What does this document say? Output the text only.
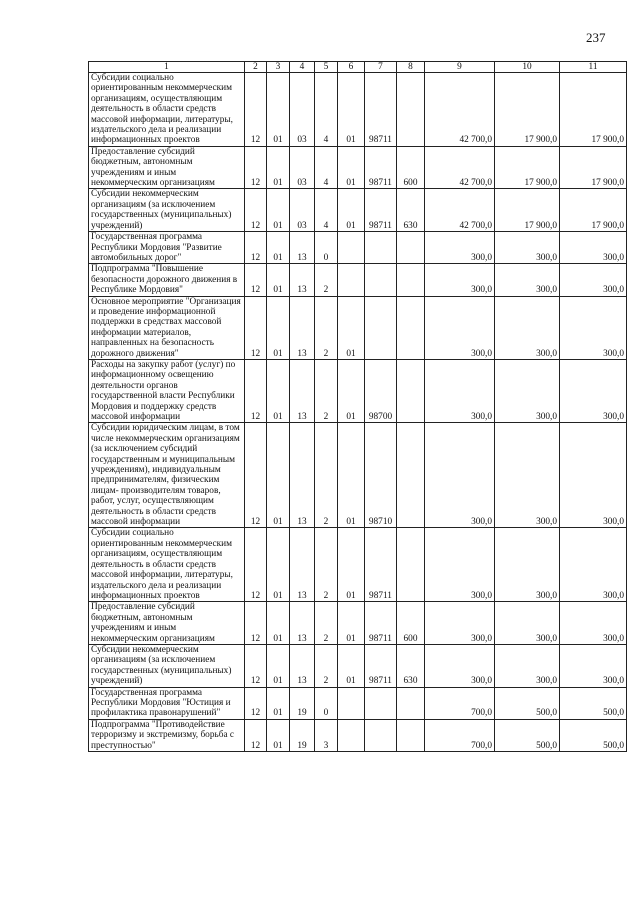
237
1	2	3	4	5	6	7	8	9	10	11
Субсидии социально ориентированным некоммерческим организациям, осуществляющим деятельность в области средств массовой информации, литературы, издательского дела и реализации информационных проектов	12	01	03	4	01	98711		42 700,0	17 900,0	17 900,0
Предоставление субсидий бюджетным, автономным учреждениям и иным некоммерческим организациям	12	01	03	4	01	98711	600	42 700,0	17 900,0	17 900,0
Субсидии некоммерческим организациям (за исключением государственных (муниципальных) учреждений)	12	01	03	4	01	98711	630	42 700,0	17 900,0	17 900,0
Государственная программа Республики Мордовия "Развитие автомобильных дорог"	12	01	13	0				300,0	300,0	300,0
Подпрограмма "Повышение безопасности дорожного движения в Республике Мордовия"	12	01	13	2				300,0	300,0	300,0
Основное мероприятие "Организация и проведение информационной поддержки в средствах массовой информации материалов, направленных на безопасность дорожного движения"	12	01	13	2	01			300,0	300,0	300,0
Расходы на закупку работ (услуг) по информационному освещению деятельности органов государственной власти Республики Мордовия и поддержку средств массовой информации	12	01	13	2	01	98700		300,0	300,0	300,0
Субсидии юридическим лицам, в том числе некоммерческим организациям (за исключением субсидий государственным и муниципальным учреждениям), индивидуальным предпринимателям, физическим лицам- производителям товаров, работ, услуг, осуществляющим деятельность в области средств массовой информации	12	01	13	2	01	98710		300,0	300,0	300,0
Субсидии социально ориентированным некоммерческим организациям, осуществляющим деятельность в области средств массовой информации, литературы, издательского дела и реализации информационных проектов	12	01	13	2	01	98711		300,0	300,0	300,0
Предоставление субсидий бюджетным, автономным учреждениям и иным некоммерческим организациям	12	01	13	2	01	98711	600	300,0	300,0	300,0
Субсидии некоммерческим организациям (за исключением государственных (муниципальных) учреждений)	12	01	13	2	01	98711	630	300,0	300,0	300,0
Государственная программа Республики Мордовия "Юстиция и профилактика правонарушений"	12	01	19	0				700,0	500,0	500,0
Подпрограмма "Противодействие терроризму и экстремизму, борьба с преступностью"	12	01	19	3				700,0	500,0	500,0
